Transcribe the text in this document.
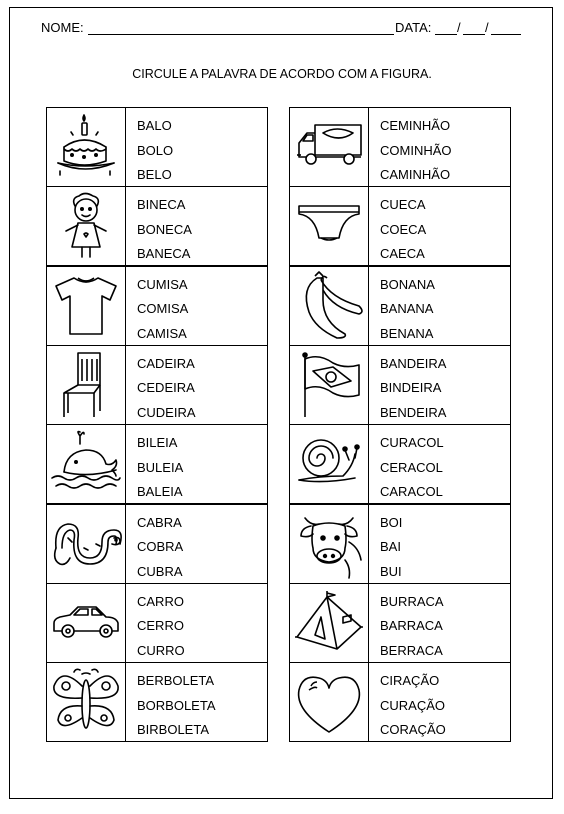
NOME:	DATA: / /
CIRCULE A PALAVRA DE ACORDO COM A FIGURA.
BALO
BOLO
BELO
CEMINHÃO
COMINHÃO
CAMINHÃO
BINECA
BONECA
BANECA
CUECA
COECA
CAECA
CUMISA
COMISA
CAMISA
BONANA
BANANA
BENANA
CADEIRA
CEDEIRA
CUDEIRA
BANDEIRA
BINDEIRA
BENDEIRA
BILEIA
BULEIA
BALEIA
CURACOL
CERACOL
CARACOL
CABRA
COBRA
CUBRA
BOI
BAI
BUI
CARRO
CERRO
CURRO
BURRACA
BARRACA
BERRACA
BERBOLETA
BORBOLETA
BIRBOLETA
CIRAÇÃO
CURAÇÃO
CORAÇÃO
